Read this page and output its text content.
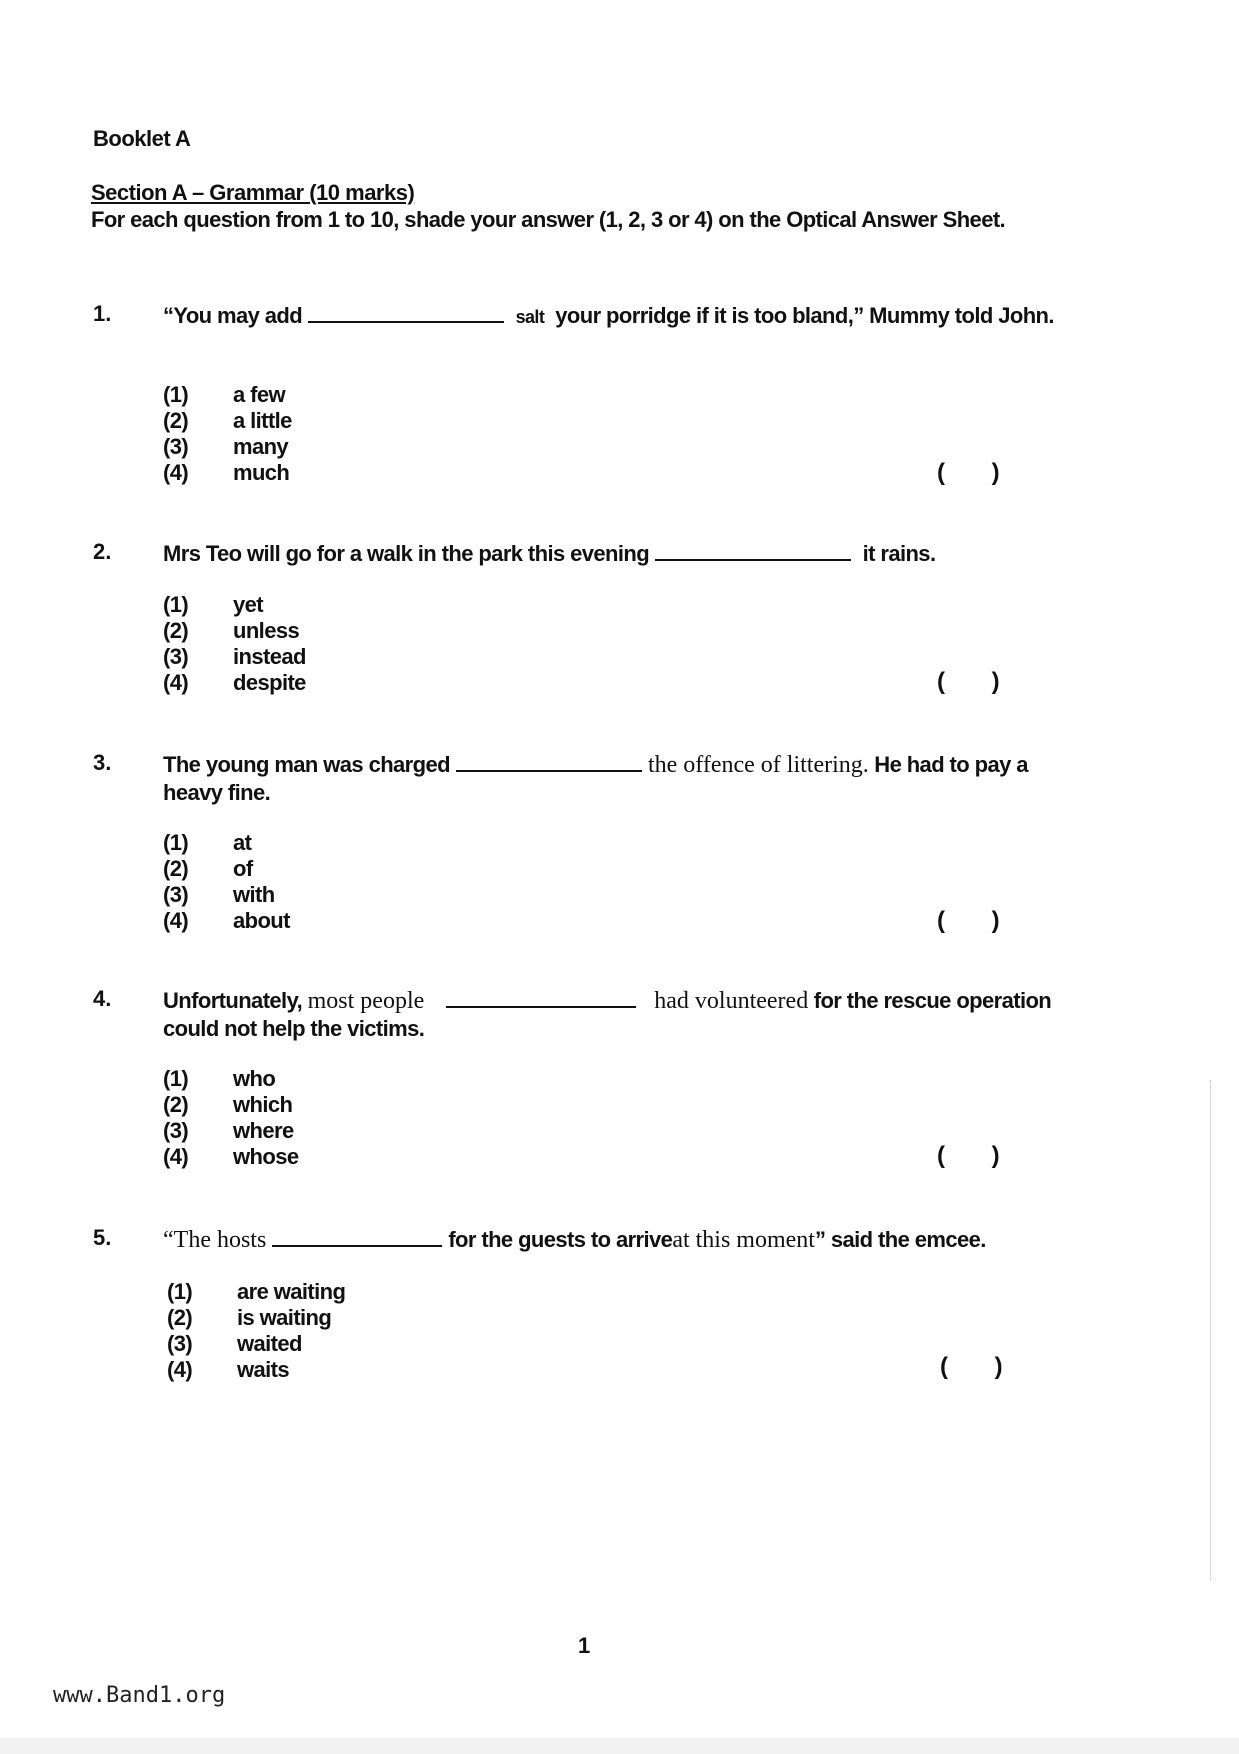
Booklet A
Section A – Grammar (10 marks)
For each question from 1 to 10, shade your answer (1, 2, 3 or 4) on the Optical Answer Sheet.
1. “You may add	salt your porridge if it is too bland,” Mummy told John.
(1) a few
(2) a little
(3) many
(4) much	(       )
2. Mrs Teo will go for a walk in the park this evening	it rains.
(1) yet
(2) unless
(3) instead
(4) despite	(       )
3. The young man was charged	the offence of littering. He had to pay a heavy fine.
(1) at
(2) of
(3) with
(4) about	(       )
4. Unfortunately, most people	had volunteered for the rescue operation could not help the victims.
(1) who
(2) which
(3) where
(4) whose	(       )
5. “The hosts	for the guests to arriveat this moment” said the emcee.
(1) are waiting
(2) is waiting
(3) waited
(4) waits	(       )
1
www.Band1.org
